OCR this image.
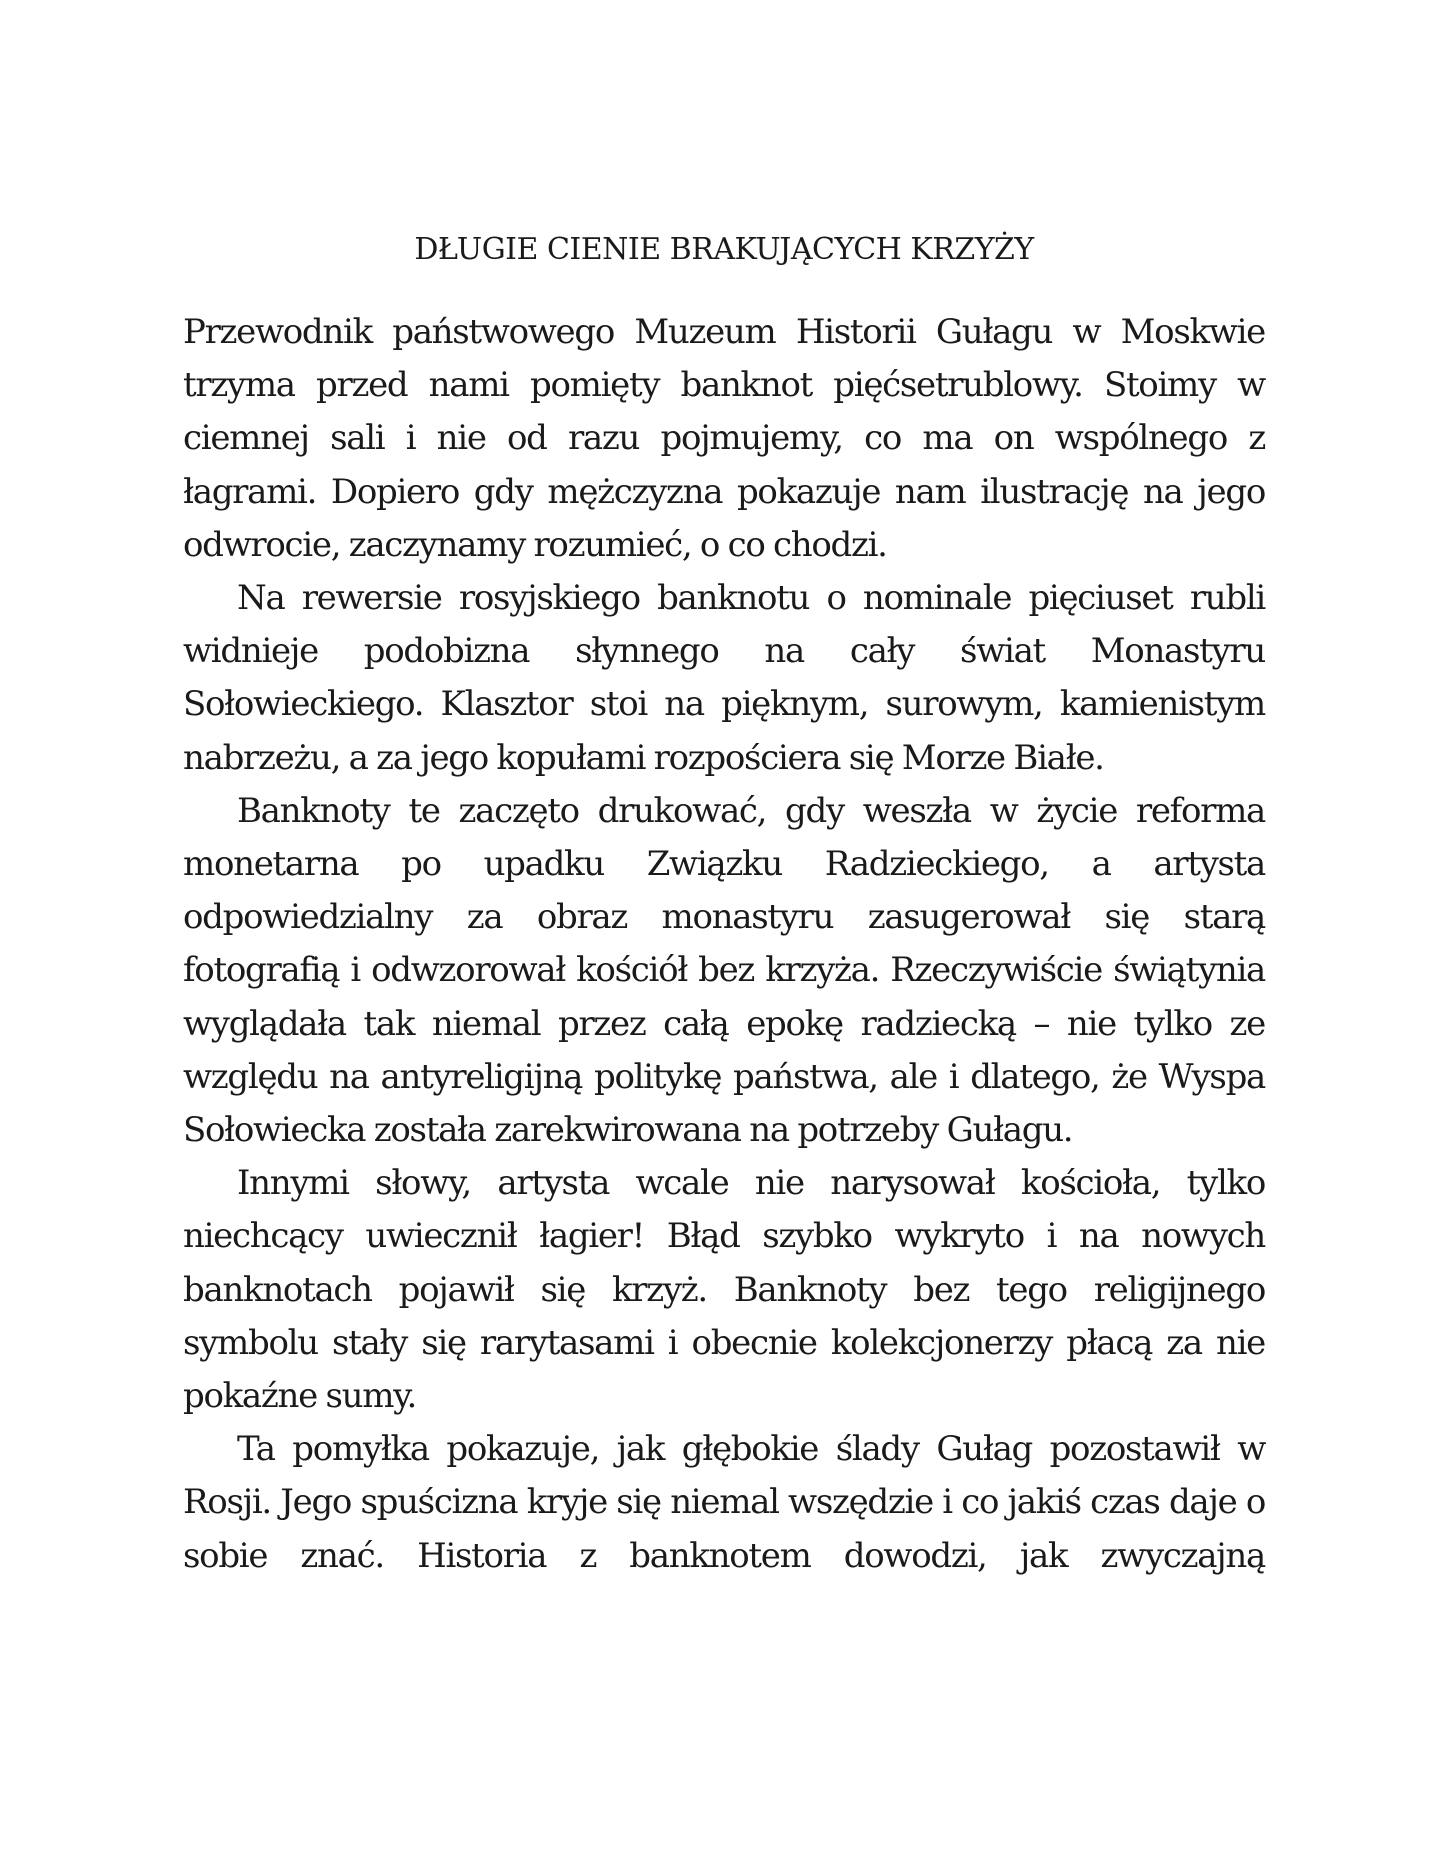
DŁUGIE CIENIE BRAKUJĄCYCH KRZYŻY

Przewodnik państwowego Muzeum Historii Gułagu w Moskwie trzyma przed nami pomięty banknot pięćsetrublowy. Stoimy w ciemnej sali i nie od razu pojmujemy, co ma on wspólnego z łagrami. Dopiero gdy mężczyzna pokazuje nam ilustrację na jego odwrocie, zaczynamy rozumieć, o co chodzi.

Na rewersie rosyjskiego banknotu o nominale pięciuset rubli widnieje podobizna słynnego na cały świat Monastyru Sołowieckiego. Klasztor stoi na pięknym, surowym, kamienistym nabrzeżu, a za jego kopułami rozpościera się Morze Białe.

Banknoty te zaczęto drukować, gdy weszła w życie reforma monetarna po upadku Związku Radzieckiego, a artysta odpowiedzialny za obraz monastyru zasugerował się starą fotografią i odwzorował kościół bez krzyża. Rzeczywiście świątynia wyglądała tak niemal przez całą epokę radziecką – nie tylko ze względu na antyreligijną politykę państwa, ale i dlatego, że Wyspa Sołowiecka została zarekwirowana na potrzeby Gułagu.

Innymi słowy, artysta wcale nie narysował kościoła, tylko niechcący uwiecznił łagier! Błąd szybko wykryto i na nowych banknotach pojawił się krzyż. Banknoty bez tego religijnego symbolu stały się rarytasami i obecnie kolekcjonerzy płacą za nie pokaźne sumy.

Ta pomyłka pokazuje, jak głębokie ślady Gułag pozostawił w Rosji. Jego spuścizna kryje się niemal wszędzie i co jakiś czas daje o sobie znać. Historia z banknotem dowodzi, jak zwyczajną
